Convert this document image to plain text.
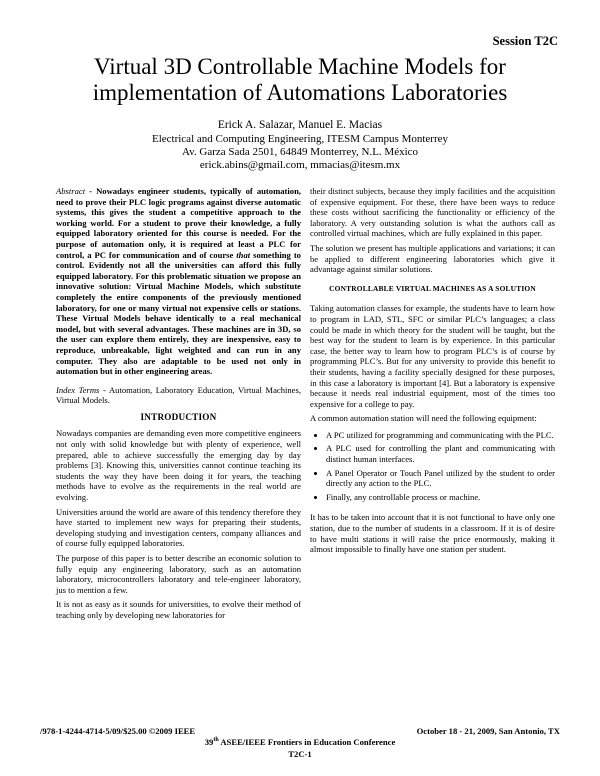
Session T2C
Virtual 3D Controllable Machine Models for implementation of Automations Laboratories
Erick A. Salazar, Manuel E. Macias
Electrical and Computing Engineering, ITESM Campus Monterrey
Av. Garza Sada 2501, 64849 Monterrey, N.L. México
erick.abins@gmail.com, mmacias@itesm.mx

Abstract - Nowadays engineer students, typically of automation, need to prove their PLC logic programs against diverse automatic systems, this gives the student a competitive approach to the working world. For a student to prove their knowledge, a fully equipped laboratory oriented for this course is needed. For the purpose of automation only, it is required at least a PLC for control, a PC for communication and of course that something to control. Evidently not all the universities can afford this fully equipped laboratory. For this problematic situation we propose an innovative solution: Virtual Machine Models, which substitute completely the entire components of the previously mentioned laboratory, for one or many virtual not expensive cells or stations. These Virtual Models behave identically to a real mechanical model, but with several advantages. These machines are in 3D, so the user can explore them entirely, they are inexpensive, easy to reproduce, unbreakable, light weighted and can run in any computer. They also are adaptable to be used not only in automation but in other engineering areas.

Index Terms - Automation, Laboratory Education, Virtual Machines, Virtual Models.

INTRODUCTION

Nowadays companies are demanding even more competitive engineers not only with solid knowledge but with plenty of experience, well prepared, able to achieve successfully the emerging day by day problems [3]. Knowing this, universities cannot continue teaching its students the way they have been doing it for years, the teaching methods have to evolve as the requirements in the real world are evolving.

Universities around the world are aware of this tendency therefore they have started to implement new ways for preparing their students, developing studying and investigation centers, company alliances and of course fully equipped laboratories.

The purpose of this paper is to better describe an economic solution to fully equip any engineering laboratory, such as an automation laboratory, microcontrollers laboratory and tele-engineer laboratory, jus to mention a few.

It is not as easy as it sounds for universities, to evolve their method of teaching only by developing new laboratories for

their distinct subjects, because they imply facilities and the acquisition of expensive equipment. For these, there have been ways to reduce these costs without sacrificing the functionality or efficiency of the laboratory. A very outstanding solution is what the authors call as controlled virtual machines, which are fully explained in this paper.

The solution we present has multiple applications and variations; it can be applied to different engineering laboratories which give it advantage against similar solutions.

CONTROLLABLE VIRTUAL MACHINES AS A SOLUTION

Taking automation classes for example, the students have to learn how to program in LAD, STL, SFC or similar PLC’s languages; a class could be made in which theory for the student will be taught, but the best way for the student to learn is by experience. In this particular case, the better way to learn how to program PLC’s is of course by programming PLC’s. But for any university to provide this benefit to their students, having a facility specially designed for these purposes, in this case a laboratory is important [4]. But a laboratory is expensive because it needs real industrial equipment, most of the times too expensive for a college to pay.

A common automation station will need the following equipment:

• A PC utilized for programming and communicating with the PLC.
• A PLC used for controlling the plant and communicating with distinct human interfaces.
• A Panel Operator or Touch Panel utilized by the student to order directly any action to the PLC.
• Finally, any controllable process or machine.

It has to be taken into account that it is not functional to have only one station, due to the number of students in a classroom. If it is of desire to have multi stations it will raise the price enormously, making it almost impossible to finally have one station per student.

/978-1-4244-4714-5/09/$25.00 ©2009 IEEE	October 18 - 21, 2009, San Antonio, TX
39th ASEE/IEEE Frontiers in Education Conference
T2C-1
